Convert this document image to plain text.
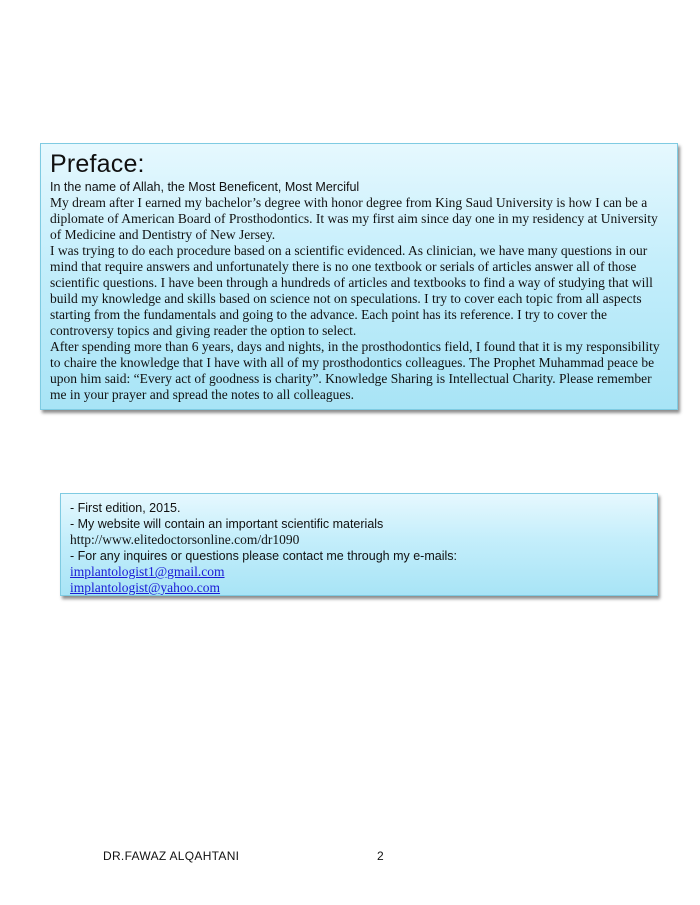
Preface:

In the name of Allah, the Most Beneficent, Most Merciful

My dream after I earned my bachelor’s degree with honor degree from King Saud University is how I can be a diplomate of American Board of Prosthodontics. It was my first aim since day one in my residency at University of Medicine and Dentistry of New Jersey.

I was trying to do each procedure based on a scientific evidenced. As clinician, we have many questions in our mind that require answers and unfortunately there is no one textbook or serials of articles answer all of those scientific questions. I have been through a hundreds of articles and textbooks to find a way of studying that will build my knowledge and skills based on science not on speculations. I try to cover each topic from all aspects starting from the fundamentals and going to the advance. Each point has its reference. I try to cover the controversy topics and giving reader the option to select.

After spending more than 6 years, days and nights, in the prosthodontics field, I found that it is my responsibility to chaire the knowledge that I have with all of my prosthodontics colleagues. The Prophet Muhammad peace be upon him said: “Every act of goodness is charity”. Knowledge Sharing is Intellectual Charity. Please remember me in your prayer and spread the notes to all colleagues.

- First edition, 2015.

- My website will contain an important scientific materials

http://www.elitedoctorsonline.com/dr1090

- For any inquires or questions please contact me through my e-mails:

implantologist1@gmail.com

implantologist@yahoo.com

DR.FAWAZ ALQAHTANI	2
